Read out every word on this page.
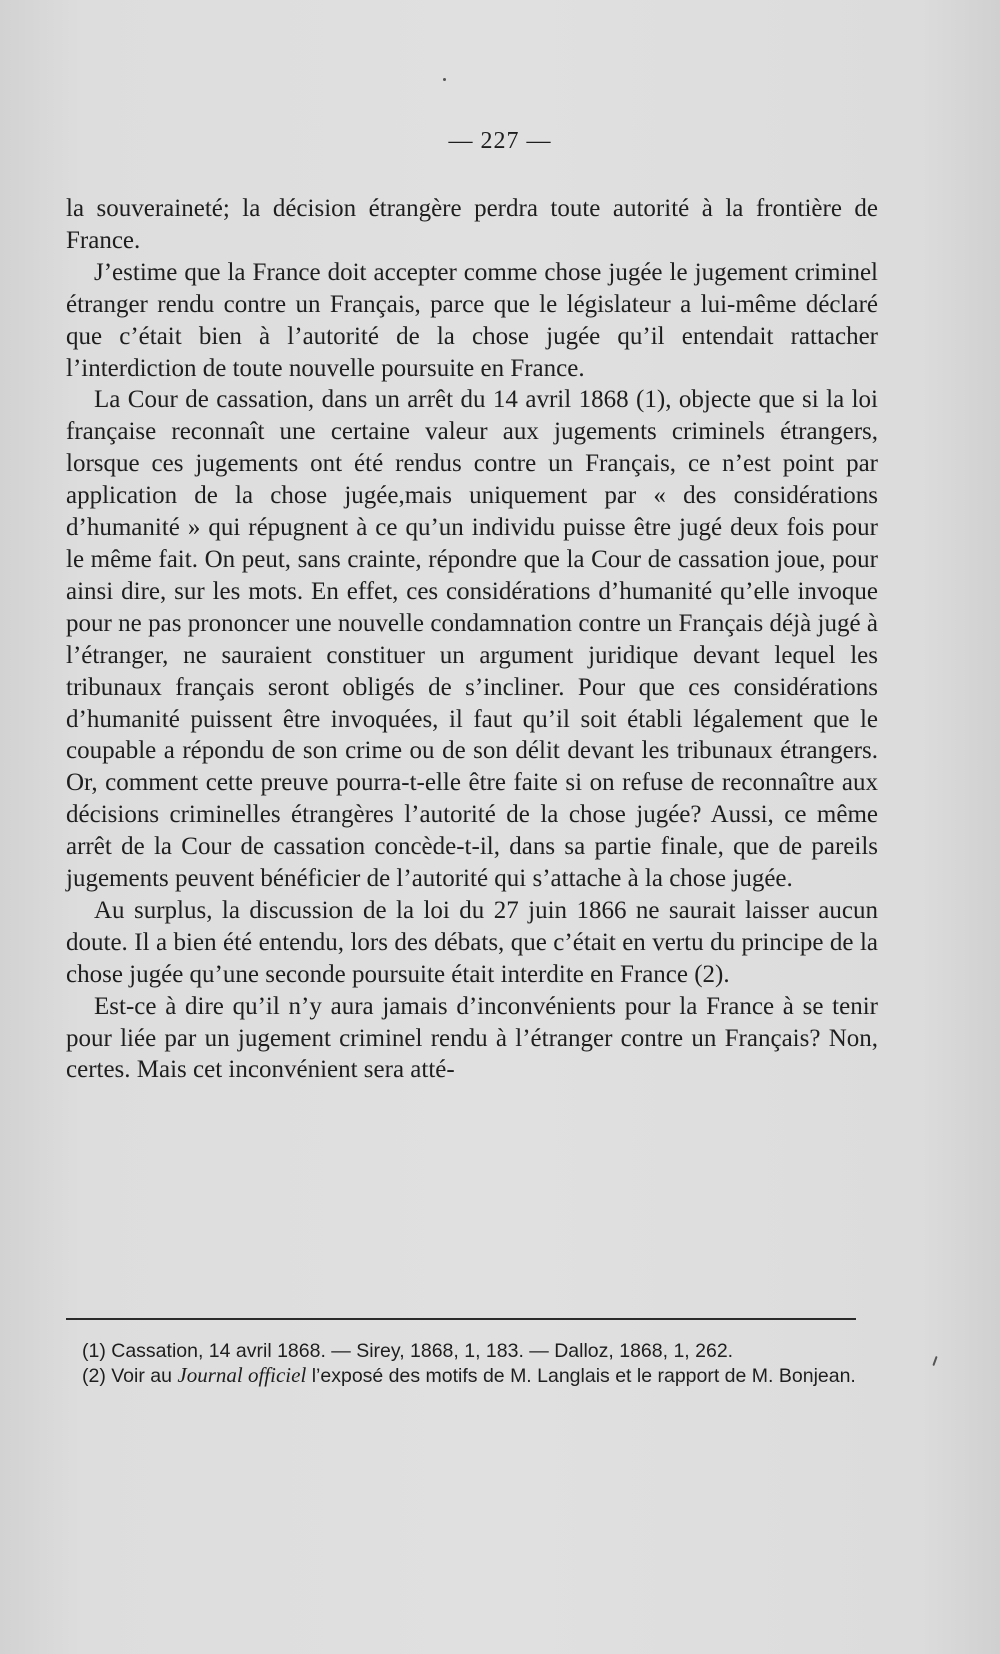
— 227 —

la souveraineté; la décision étrangère perdra toute autorité à la frontière de France.

J’estime que la France doit accepter comme chose jugée le jugement criminel étranger rendu contre un Français, parce que le législateur a lui-même déclaré que c’était bien à l’autorité de la chose jugée qu’il entendait rattacher l’interdiction de toute nouvelle poursuite en France.

La Cour de cassation, dans un arrêt du 14 avril 1868 (1), objecte que si la loi française reconnaît une certaine valeur aux jugements criminels étrangers, lorsque ces jugements ont été rendus contre un Français, ce n’est point par application de la chose jugée,mais uniquement par « des considérations d’humanité » qui répugnent à ce qu’un individu puisse être jugé deux fois pour le même fait. On peut, sans crainte, répondre que la Cour de cassation joue, pour ainsi dire, sur les mots. En effet, ces considérations d’humanité qu’elle invoque pour ne pas prononcer une nouvelle condamnation contre un Français déjà jugé à l’étranger, ne sauraient constituer un argument juridique devant lequel les tribunaux français seront obligés de s’incliner. Pour que ces considérations d’humanité puissent être invoquées, il faut qu’il soit établi légalement que le coupable a répondu de son crime ou de son délit devant les tribunaux étrangers. Or, comment cette preuve pourra-t-elle être faite si on refuse de reconnaître aux décisions criminelles étrangères l’autorité de la chose jugée? Aussi, ce même arrêt de la Cour de cassation concède-t-il, dans sa partie finale, que de pareils jugements peuvent bénéficier de l’autorité qui s’attache à la chose jugée.

Au surplus, la discussion de la loi du 27 juin 1866 ne saurait laisser aucun doute. Il a bien été entendu, lors des débats, que c’était en vertu du principe de la chose jugée qu’une seconde poursuite était interdite en France (2).

Est-ce à dire qu’il n’y aura jamais d’inconvénients pour la France à se tenir pour liée par un jugement criminel rendu à l’étranger contre un Français? Non, certes. Mais cet inconvénient sera atté-

(1) Cassation, 14 avril 1868. — Sirey, 1868, 1, 183. — Dalloz, 1868, 1, 262.

(2) Voir au Journal officiel l’exposé des motifs de M. Langlais et le rapport de M. Bonjean.
